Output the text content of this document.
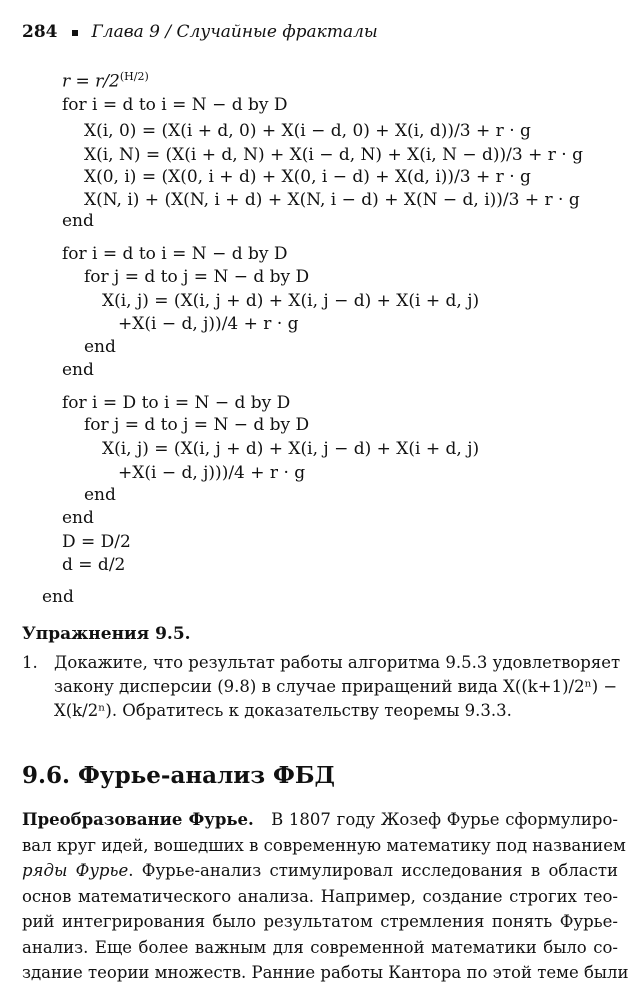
284 Глава 9 / Случайные фракталы
$r = r/2^{(H/2)}$
for i = d to i = N − d by D
X(i, 0) = (X(i + d, 0) + X(i − d, 0) + X(i, d))/3 + r · g
X(i, N) = (X(i + d, N) + X(i − d, N) + X(i, N − d))/3 + r · g
X(0, i) = (X(0, i + d) + X(0, i − d) + X(d, i))/3 + r · g
X(N, i) + (X(N, i + d) + X(N, i − d) + X(N − d, i))/3 + r · g
end
for i = d to i = N − d by D
for j = d to j = N − d by D
X(i, j) = (X(i, j + d) + X(i, j − d) + X(i + d, j)
+X(i − d, j))/4 + r · g
end
end
for i = D to i = N − d by D
for j = d to j = N − d by D
X(i, j) = (X(i, j + d) + X(i, j − d) + X(i + d, j)
+X(i − d, j)))/4 + r · g
end
end
D = D/2
d = d/2
end
Упражнения 9.5.
1. Докажите, что результат работы алгоритма 9.5.3 удовлетворяет
закону дисперсии (9.8) в случае приращений вида X((k+1)/2ⁿ) −
X(k/2ⁿ). Обратитесь к доказательству теоремы 9.3.3.
9.6. Фурье-анализ ФБД
Преобразование Фурье. В 1807 году Жозеф Фурье сформулиро-
вал круг идей, вошедших в современную математику под названием
ряды Фурье. Фурье-анализ стимулировал исследования в области
основ математического анализа. Например, создание строгих тео-
рий интегрирования было результатом стремления понять Фурье-
анализ. Еще более важным для современной математики было со-
здание теории множеств. Ранние работы Кантора по этой теме были
